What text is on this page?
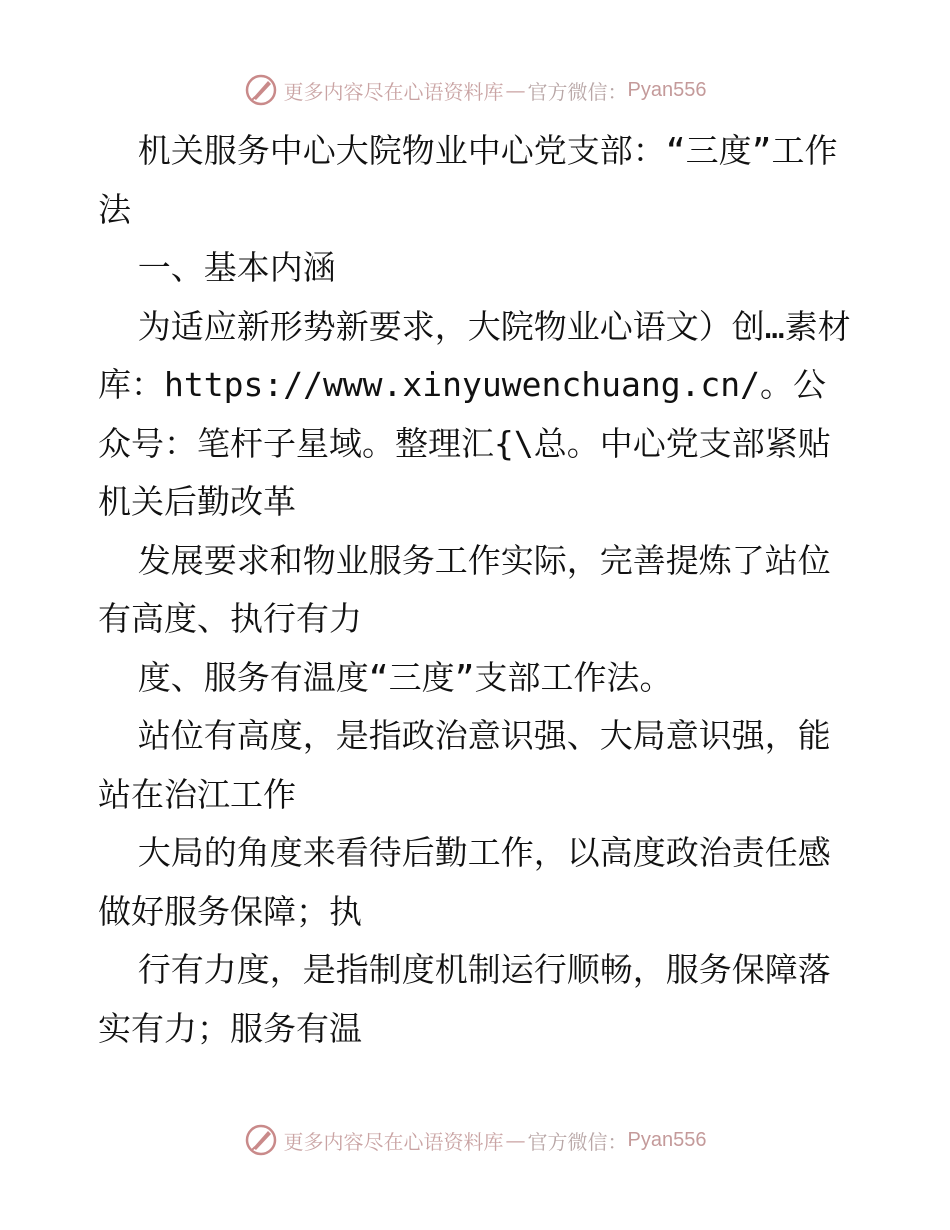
更多内容尽在心语资料库 — 官方微信： Pyan556

机关服务中心大院物业中心党支部：“三度”工作法

一、基本内涵

为适应新形势新要求，大院物业心语文）创…素材库：https://www.xinyuwenchuang.cn/。公众号：笔杆子星域。整理汇{\总。中心党支部紧贴机关后勤改革

发展要求和物业服务工作实际，完善提炼了站位有高度、执行有力

度、服务有温度“三度”支部工作法。

站位有高度，是指政治意识强、大局意识强，能站在治江工作

大局的角度来看待后勤工作，以高度政治责任感做好服务保障；执

行有力度，是指制度机制运行顺畅，服务保障落实有力；服务有温

更多内容尽在心语资料库 — 官方微信： Pyan556
